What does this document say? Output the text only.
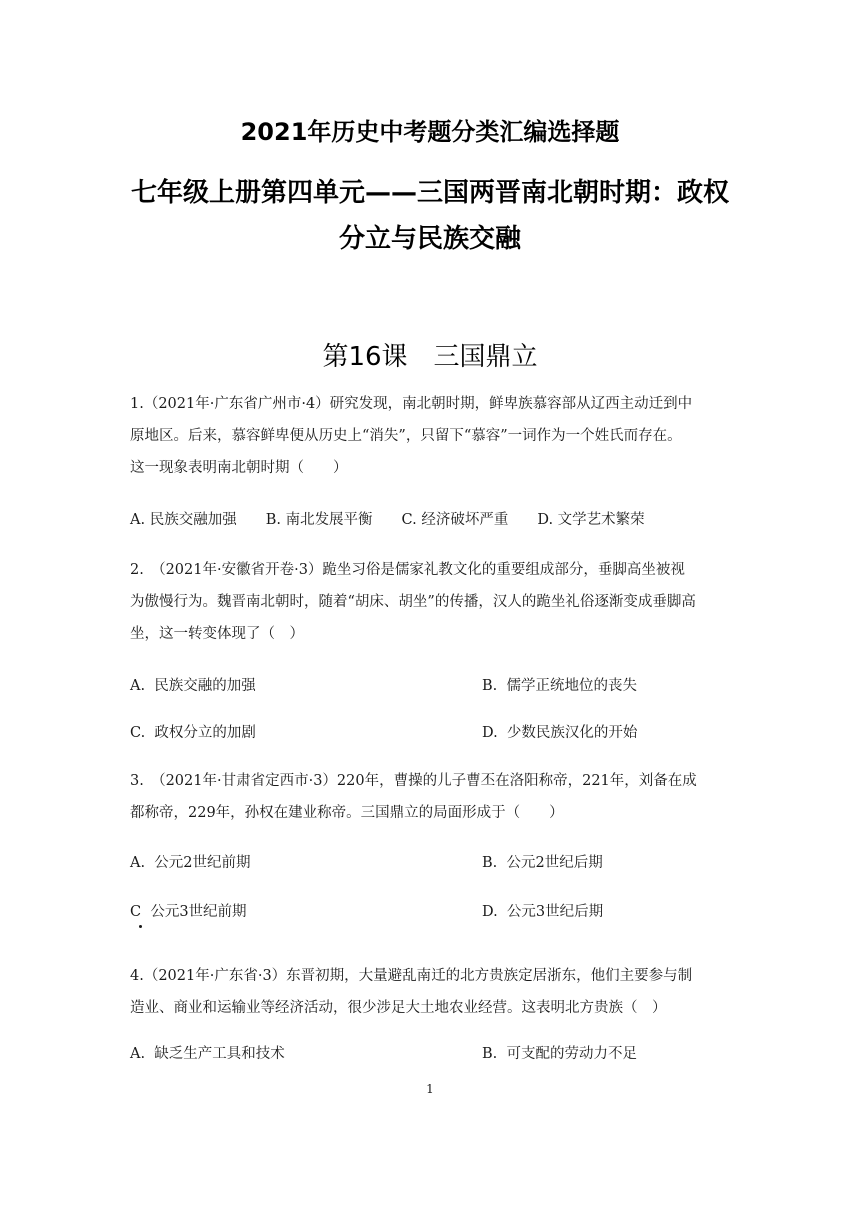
2021年历史中考题分类汇编选择题
七年级上册第四单元——三国两晋南北朝时期：政权
分立与民族交融
第16课　三国鼎立
1.（2021年·广东省广州市·4）研究发现，南北朝时期，鲜卑族慕容部从辽西主动迁到中
原地区。后来，慕容鲜卑便从历史上“消失”，只留下“慕容”一词作为一个姓氏而存在。
这一现象表明南北朝时期（　　）
A. 民族交融加强　　B. 南北发展平衡　　C. 经济破坏严重　　D. 文学艺术繁荣
2.　（2021年·安徽省开卷·3）跪坐习俗是儒家礼教文化的重要组成部分，垂脚高坐被视
为傲慢行为。魏晋南北朝时，随着“胡床、胡坐”的传播，汉人的跪坐礼俗逐渐变成垂脚高
坐，这一转变体现了（　）
A.  民族交融的加强	B.  儒学正统地位的丧失
C.  政权分立的加剧	D.  少数民族汉化的开始
3.　（2021年·甘肃省定西市·3）220年，曹操的儿子曹丕在洛阳称帝，221年，刘备在成
都称帝，229年，孙权在建业称帝。三国鼎立的局面形成于（　　）
A.  公元2世纪前期	B.  公元2世纪后期
C  公元3世纪前期	D.  公元3世纪后期
4.（2021年·广东省·3）东晋初期，大量避乱南迁的北方贵族定居浙东，他们主要参与制
造业、商业和运输业等经济活动，很少涉足大土地农业经营。这表明北方贵族（　）
A.  缺乏生产工具和技术	B.  可支配的劳动力不足
1
